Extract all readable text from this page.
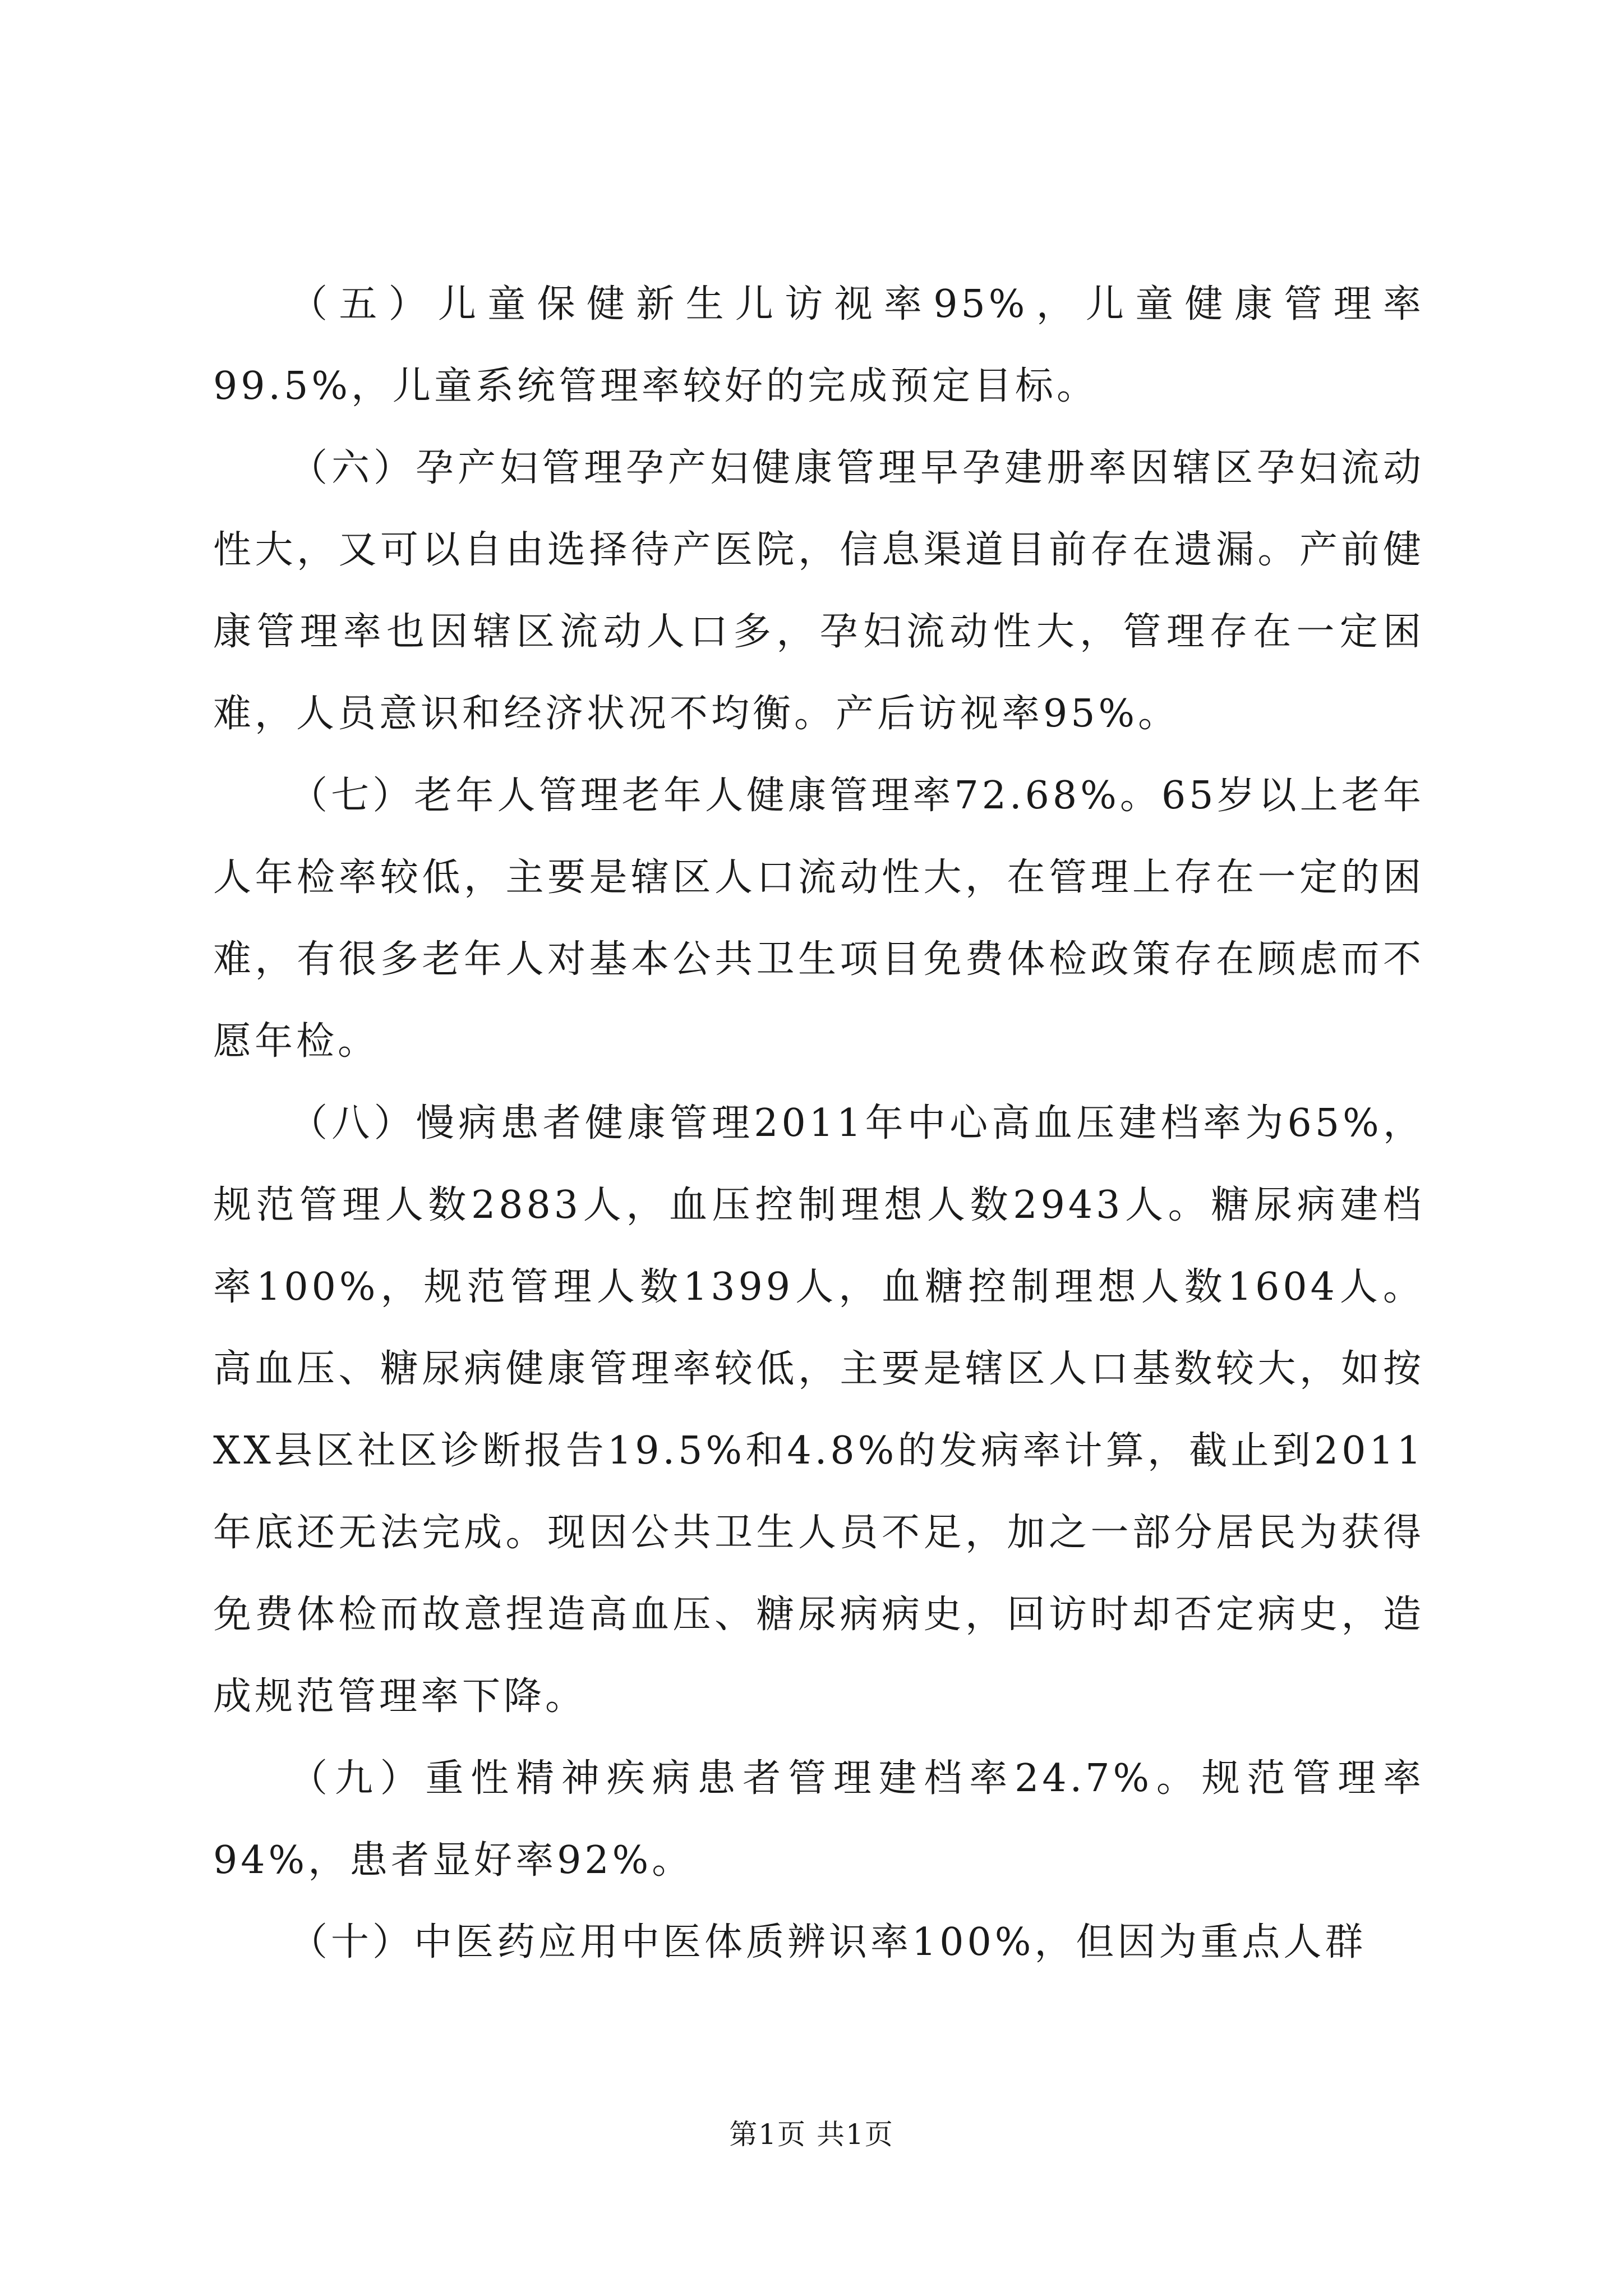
（五）儿童保健新生儿访视率95%，儿童健康管理率99.5%，儿童系统管理率较好的完成预定目标。

（六）孕产妇管理孕产妇健康管理早孕建册率因辖区孕妇流动性大，又可以自由选择待产医院，信息渠道目前存在遗漏。产前健康管理率也因辖区流动人口多，孕妇流动性大，管理存在一定困难，人员意识和经济状况不均衡。产后访视率95%。

（七）老年人管理老年人健康管理率72.68%。65岁以上老年人年检率较低，主要是辖区人口流动性大，在管理上存在一定的困难，有很多老年人对基本公共卫生项目免费体检政策存在顾虑而不愿年检。

（八）慢病患者健康管理2011年中心高血压建档率为65%，规范管理人数2883人，血压控制理想人数2943人。糖尿病建档率100%，规范管理人数1399人，血糖控制理想人数1604人。高血压、糖尿病健康管理率较低，主要是辖区人口基数较大，如按XX县区社区诊断报告19.5%和4.8%的发病率计算，截止到2011年底还无法完成。现因公共卫生人员不足，加之一部分居民为获得免费体检而故意捏造高血压、糖尿病病史，回访时却否定病史，造成规范管理率下降。

（九）重性精神疾病患者管理建档率24.7%。规范管理率94%，患者显好率92%。

（十）中医药应用中医体质辨识率100%，但因为重点人群

第1页 共1页
